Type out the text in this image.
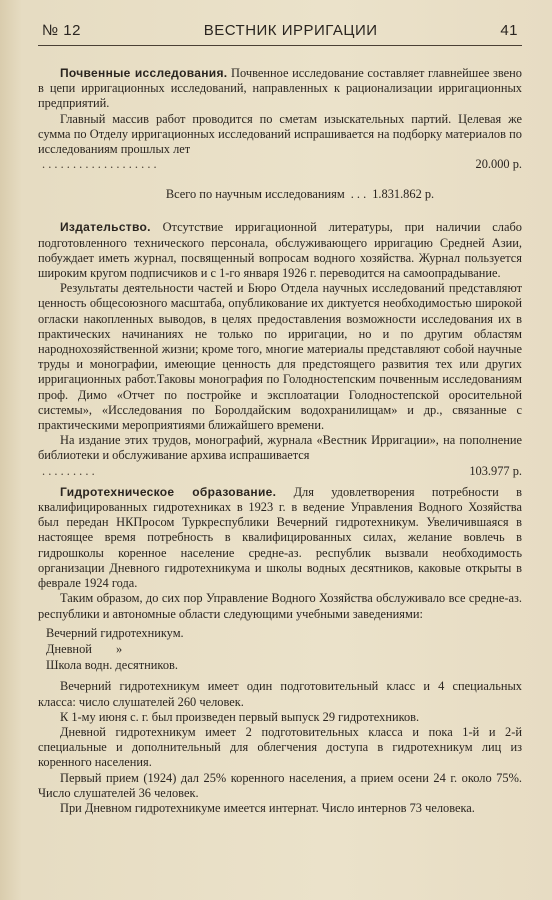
№ 12	ВЕСТНИК ИРРИГАЦИИ	41

Почвенные исследования. Почвенное исследование составляет главнейшее звено в цепи ирригационных исследований, направленных к рационализации ирригационных предприятий.

Главный массив работ проводится по сметам изыскательных партий. Целевая же сумма по Отделу ирригационных исследований испрашивается на подборку материалов по исследованиям прошлых лет

. . . . . . . . . . . . . . . . . . .	20.000 р.
Всего по научным исследованиям . . . 1.831.862 р.

Издательство. Отсутствие ирригационной литературы, при наличии слабо подготовленного технического персонала, обслуживающего ирригацию Средней Азии, побуждает иметь журнал, посвященный вопросам водного хозяйства. Журнал пользуется широким кругом подписчиков и с 1-го января 1926 г. переводится на самоопрадывание.

Результаты деятельности частей и Бюро Отдела научных исследований представляют ценность общесоюзного масштаба, опубликование их диктуется необходимостью широкой огласки накопленных выводов, в целях предоставления возможности исследования их в практических начинаниях не только по ирригации, но и по другим областям народнохозяйственной жизни; кроме того, многие материалы представляют собой научные труды и монографии, имеющие ценность для предстоящего развития тех или других ирригационных работ.Таковы монография по Голодностепским почвенным исследованиям проф. Димо «Отчет по постройке и эксплоатации Голодностепской оросительной системы», «Исследования по Боролдайским водохранилищам» и др., связанные с практическими мероприятиями ближайшего времени.

На издание этих трудов, монографий, журнала «Вестник Ирригации», на пополнение библиотеки и обслуживание архива испрашивается

. . . . . . . . .	103.977 р.

Гидротехническое образование. Для удовлетворения потребности в квалифицированных гидротехниках в 1923 г. в ведение Управления Водного Хозяйства был передан НКПросом Туркреспублики Вечерний гидротехникум. Увеличившаяся в настоящее время потребность в квалифицированных силах, желание вовлечь в гидрошколы коренное население средне-аз. республик вызвали необходимость организации Дневного гидротехникума и школы водных десятников, каковые открыты в феврале 1924 года.

Таким образом, до сих пор Управление Водного Хозяйства обслуживало все средне-аз. республики и автономные области следующими учебными заведениями:

Вечерний гидротехникум.
Дневной »
Школа водн. десятников.

Вечерний гидротехникум имеет один подготовительный класс и 4 специальных класса: число слушателей 260 человек.

К 1-му июня с. г. был произведен первый выпуск 29 гидротехников.

Дневной гидротехникум имеет 2 подготовительных класса и пока 1-й и 2-й специальные и дополнительный для облегчения доступа в гидротехникум лиц из коренного населения.

Первый прием (1924) дал 25% коренного населения, а прием осени 24 г. около 75%. Число слушателей 36 человек.

При Дневном гидротехникуме имеется интернат. Число интернов 73 человека.
